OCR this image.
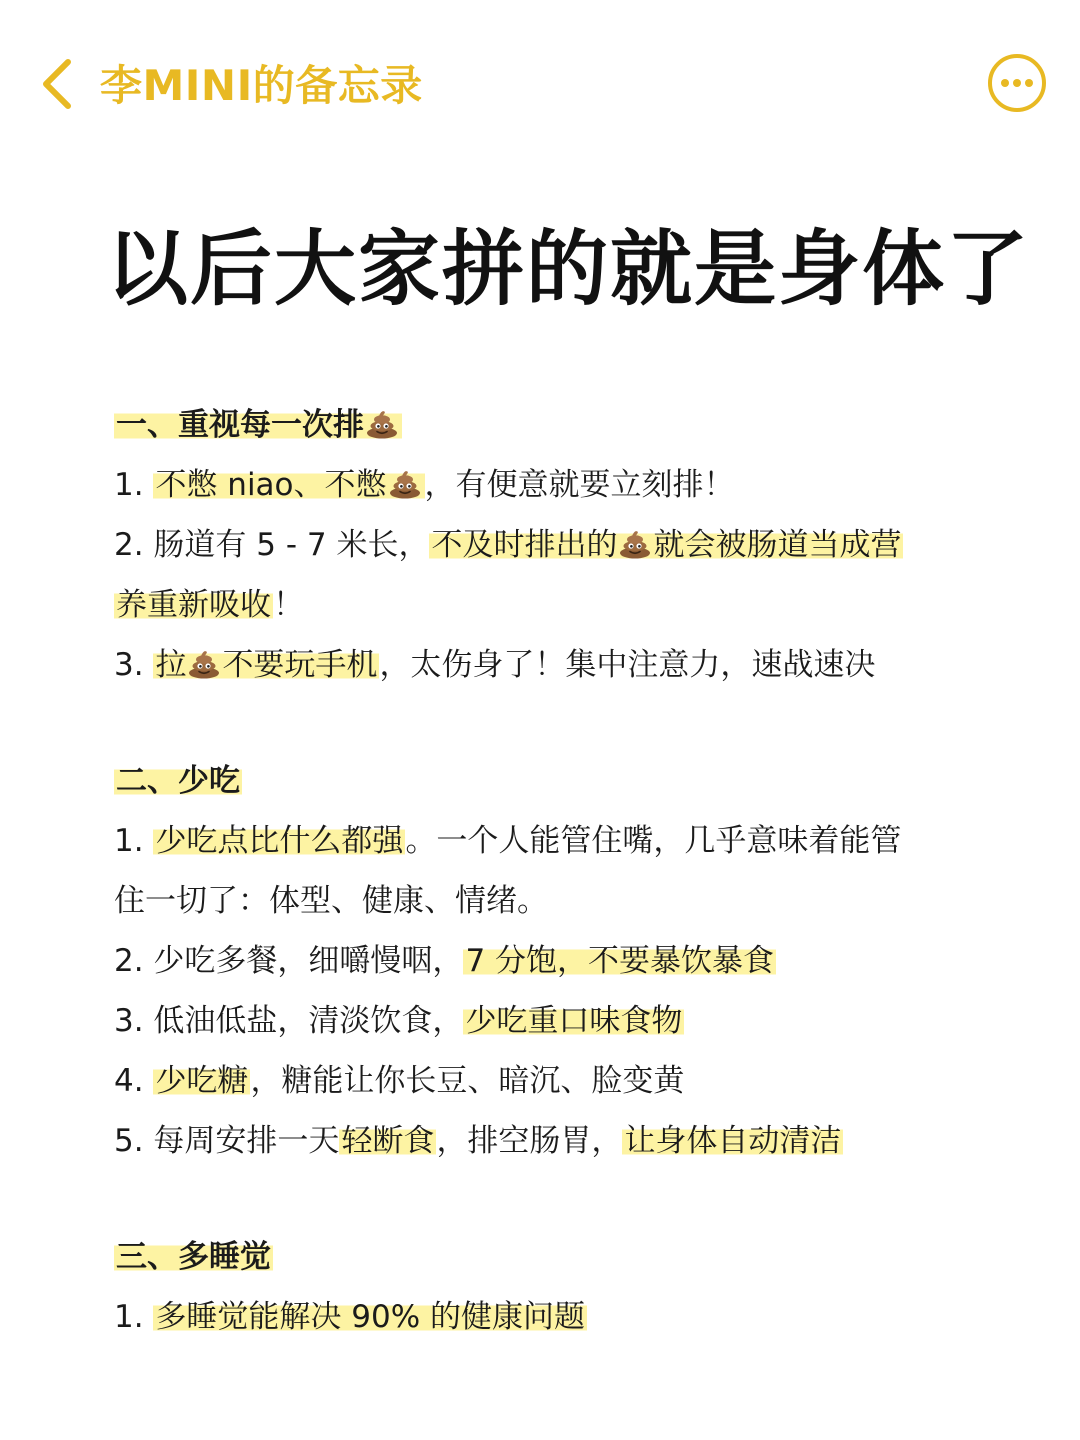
李MINI的备忘录
以后大家拼的就是身体了
一、重视每一次排
1. 不憋 niao、不憋 ，有便意就要立刻排！
2. 肠道有 5 - 7 米长，不及时排出的 就会被肠道当成营
养重新吸收！
3. 拉 不要玩手机，太伤身了！集中注意力，速战速决
二、少吃
1. 少吃点比什么都强。一个人能管住嘴，几乎意味着能管
住一切了：体型、健康、情绪。
2. 少吃多餐，细嚼慢咽，7 分饱，不要暴饮暴食
3. 低油低盐，清淡饮食，少吃重口味食物
4. 少吃糖，糖能让你长豆、暗沉、脸变黄
5. 每周安排一天轻断食，排空肠胃，让身体自动清洁
三、多睡觉
1. 多睡觉能解决 90% 的健康问题
